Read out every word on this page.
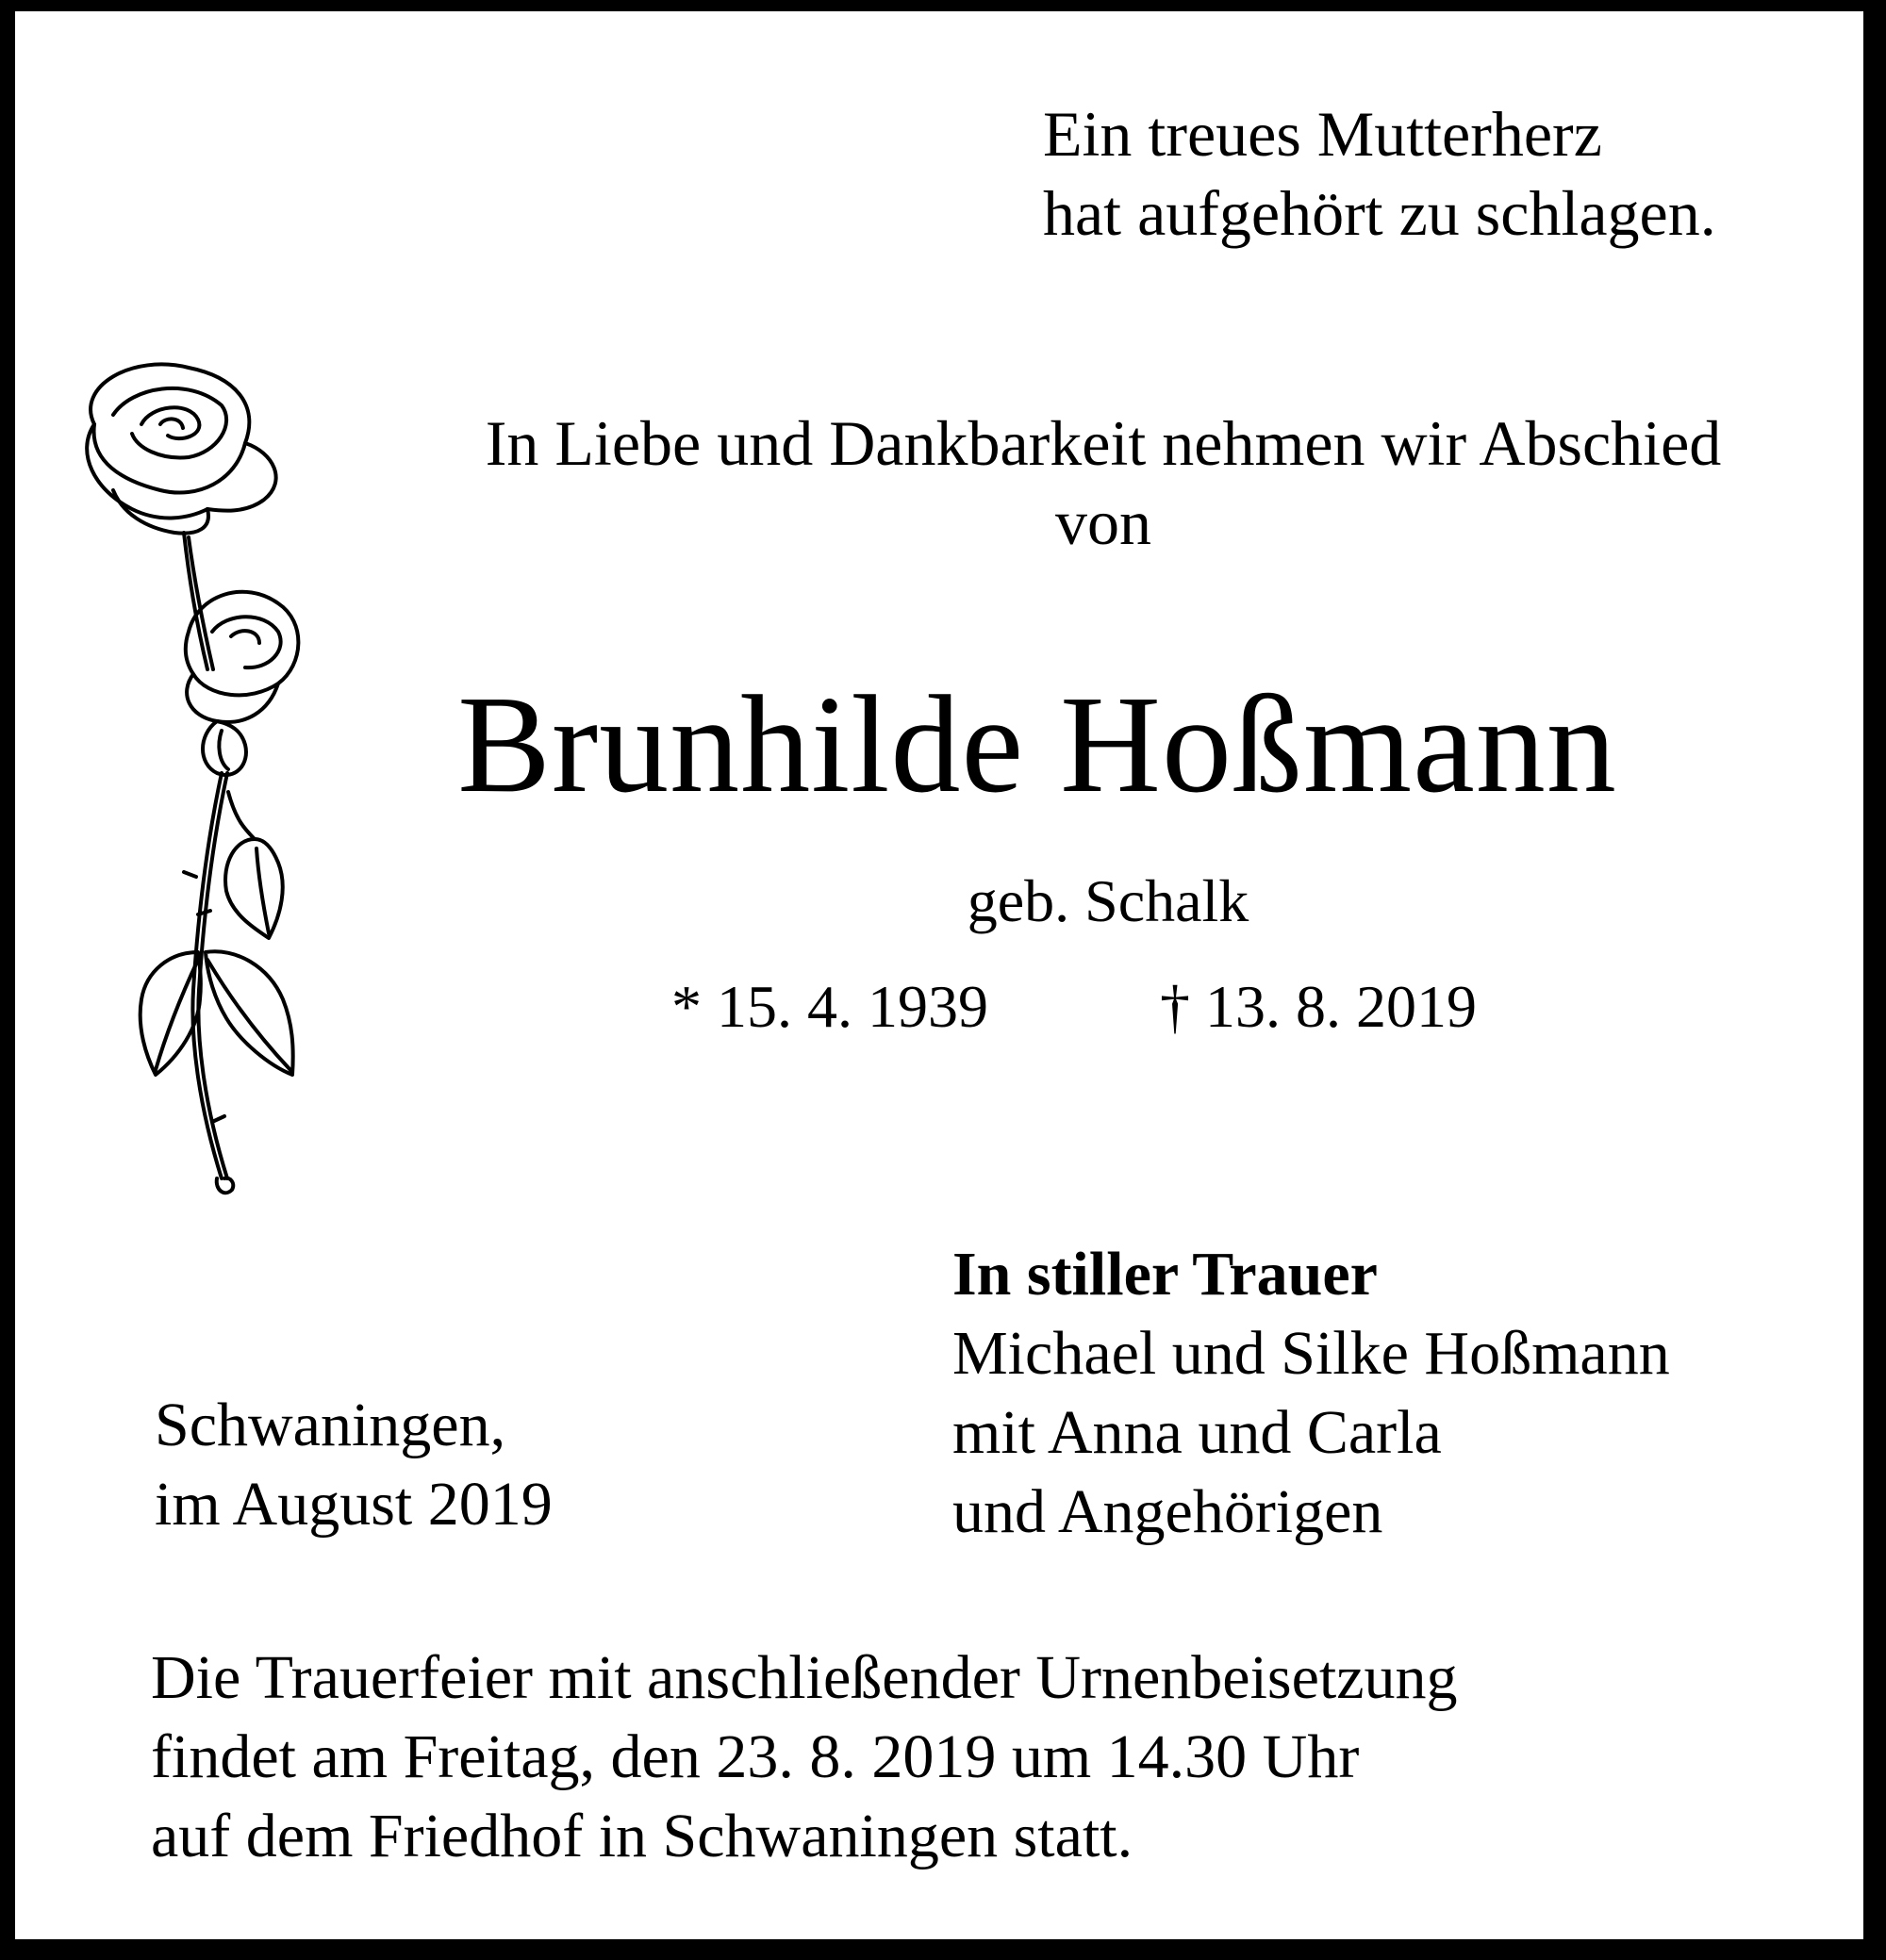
Ein treues Mutterherz
hat aufgehört zu schlagen.
In Liebe und Dankbarkeit nehmen wir Abschied
von
Brunhilde Hoßmann
geb. Schalk
* 15. 4. 1939	† 13. 8. 2019
In stiller Trauer
Michael und Silke Hoßmann
mit Anna und Carla
und Angehörigen
Schwaningen,
im August 2019
Die Trauerfeier mit anschließender Urnenbeisetzung
findet am Freitag, den 23. 8. 2019 um 14.30 Uhr
auf dem Friedhof in Schwaningen statt.
